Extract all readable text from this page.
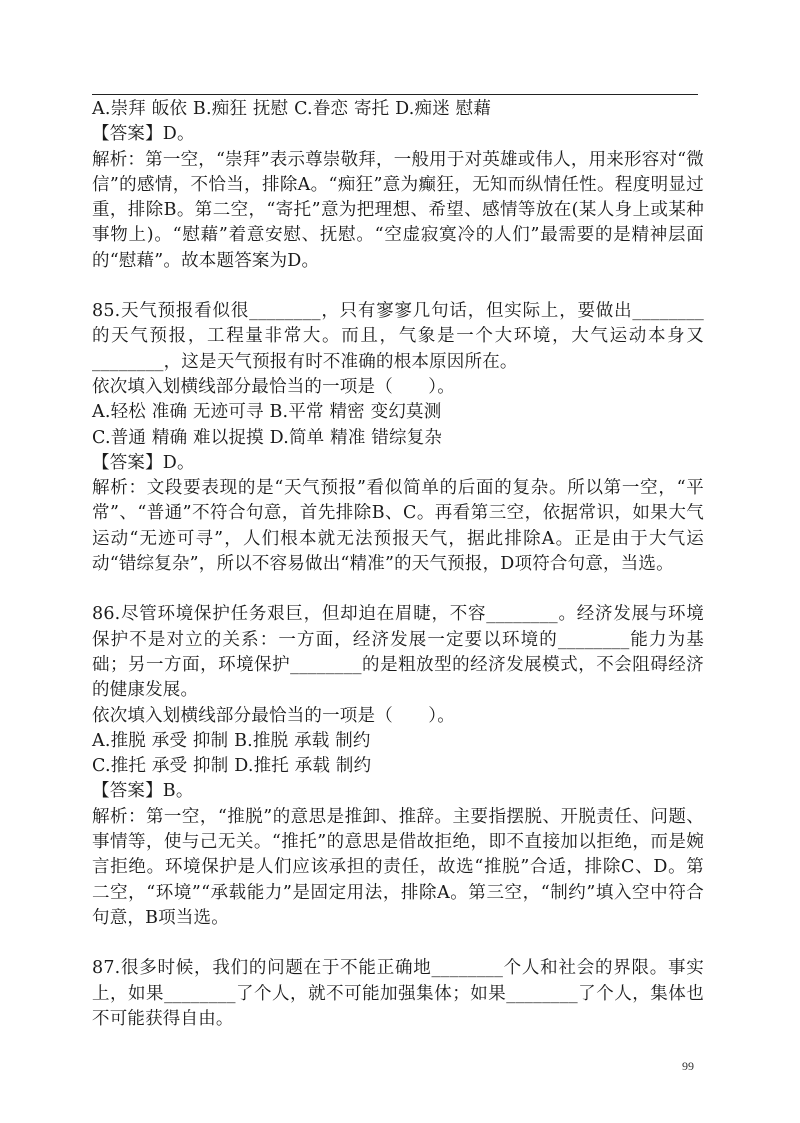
A.崇拜 皈依 B.痴狂 抚慰 C.眷恋 寄托 D.痴迷 慰藉

【答案】D。

解析：第一空，“崇拜”表示尊崇敬拜，一般用于对英雄或伟人，用来形容对“微信”的感情，不恰当，排除A。“痴狂”意为癫狂，无知而纵情任性。程度明显过重，排除B。第二空，“寄托”意为把理想、希望、感情等放在(某人身上或某种事物上)。“慰藉”着意安慰、抚慰。“空虚寂寞冷的人们”最需要的是精神层面的“慰藉”。故本题答案为D。

85.天气预报看似很________，只有寥寥几句话，但实际上，要做出________的天气预报，工程量非常大。而且，气象是一个大环境，大气运动本身又________，这是天气预报有时不准确的根本原因所在。

依次填入划横线部分最恰当的一项是（　　）。

A.轻松 准确 无迹可寻 B.平常 精密 变幻莫测

C.普通 精确 难以捉摸 D.简单 精准 错综复杂

【答案】D。

解析：文段要表现的是“天气预报”看似简单的后面的复杂。所以第一空，“平常”、“普通”不符合句意，首先排除B、C。再看第三空，依据常识，如果大气运动“无迹可寻”，人们根本就无法预报天气，据此排除A。正是由于大气运动“错综复杂”，所以不容易做出“精准”的天气预报，D项符合句意，当选。

86.尽管环境保护任务艰巨，但却迫在眉睫，不容________。经济发展与环境保护不是对立的关系：一方面，经济发展一定要以环境的________能力为基础；另一方面，环境保护________的是粗放型的经济发展模式，不会阻碍经济的健康发展。

依次填入划横线部分最恰当的一项是（　　）。

A.推脱 承受 抑制 B.推脱 承载 制约

C.推托 承受 抑制 D.推托 承载 制约

【答案】B。

解析：第一空，“推脱”的意思是推卸、推辞。主要指摆脱、开脱责任、问题、事情等，使与己无关。“推托”的意思是借故拒绝，即不直接加以拒绝，而是婉言拒绝。环境保护是人们应该承担的责任，故选“推脱”合适，排除C、D。第二空，“环境”“承载能力”是固定用法，排除A。第三空，“制约”填入空中符合句意，B项当选。

87.很多时候，我们的问题在于不能正确地________个人和社会的界限。事实上，如果________了个人，就不可能加强集体；如果________了个人，集体也不可能获得自由。

99
